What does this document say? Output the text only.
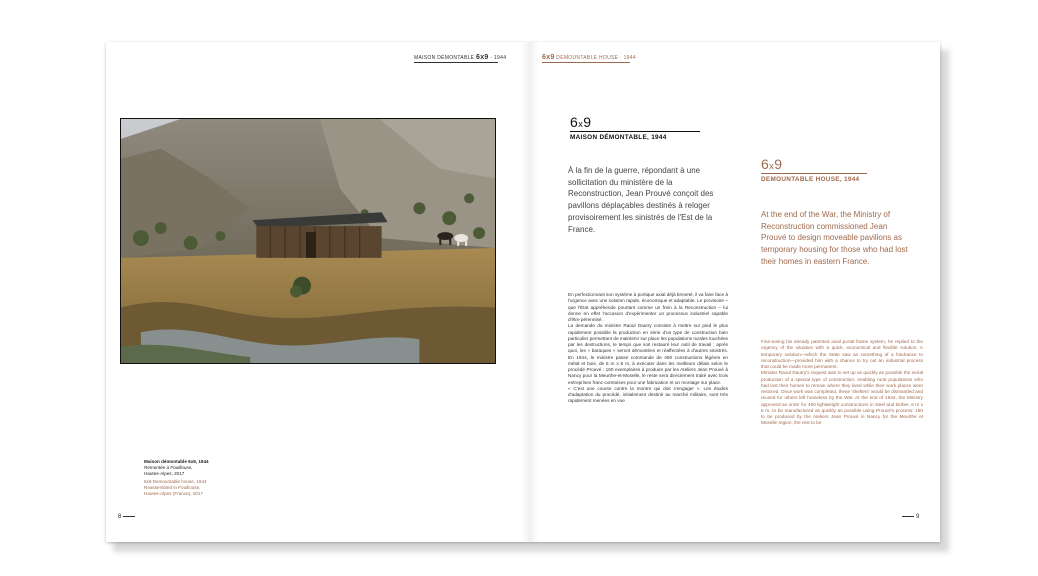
MAISON DÉMONTABLE 6x9 · 1944	6x9 DEMOUNTABLE HOUSE · 1944
Maison démontable 6x9, 1944
Remontée à Fouillouse,
Hautes-Alpes, 2017
6x9 Demountable house, 1944
Reassembled in Fouillouse,
Hautes-Alpes (France), 2017
8	9
6x9
MAISON DÉMONTABLE, 1944
À la fin de la guerre, répondant à une sollicitation du ministère de la Reconstruction, Jean Prouvé conçoit des pavillons déplaçables destinés à reloger provisoirement les sinistrés de l'Est de la France.
6x9
DEMOUNTABLE HOUSE, 1944
At the end of the War, the Ministry of Reconstruction commissioned Jean Prouvé to design moveable pavilions as temporary housing for those who had lost their homes in eastern France.

En perfectionnant son système à portique axial déjà breveté, il va faire face à l'urgence avec une solution rapide, économique et adaptable. Le provisoire – que l'État appréhende pourtant comme un frein à la Reconstruction – lui donne en effet l'occasion d'expérimenter un processus industriel capable d'être pérennisé.

La demande du ministre Raoul Dautry consiste à mettre sur pied le plus rapidement possible la production en série d'un type de construction bien particulier permettant de maintenir sur place les populations rurales touchées par les destructions, le temps que soit restauré leur outil de travail ; après quoi, les « baraques » seront démontées et réaffectées à d'autres sinistrés. En 1944, le ministre passe commande de 450 constructions légères en métal et bois, de 6 m x 6 m, à exécuter dans les meilleurs délais selon le procédé Prouvé : 160 exemplaires à produire par les Ateliers Jean Prouvé à Nancy pour la Meurthe-et-Moselle, le reste sera directement traité avec trois entreprises franc-comtoises pour une fabrication et un montage sur place.

« C'est une course contre la montre qui doit s'engager ». Les études d'adaptation du procédé, initialement destiné au marché militaire, sont très rapidement menées en vue

Fine-tuning his already patented axial portal frame system, he replied to the urgency of the situation with a quick, economical and flexible solution. A temporary solution—which the State saw as something of a hindrance to reconstruction—provided him with a chance to try out an industrial process that could be made more permanent.

Minister Raoul Dautry's request was to set up as quickly as possible the serial production of a special type of construction, enabling rural populations who had lost their homes to remain where they lived while their work places were restored. Once work was completed, these 'shelters' would be dismantled and reused for others left homeless by the War. At the end of 1944, the Ministry approved an order for 450 lightweight constructions in steel and timber, 6 m x 6 m, to be manufactured as quickly as possible using Prouvé's process: 160 to be produced by the Ateliers Jean Prouvé in Nancy for the Meurthe et Moselle region, the rest to be
